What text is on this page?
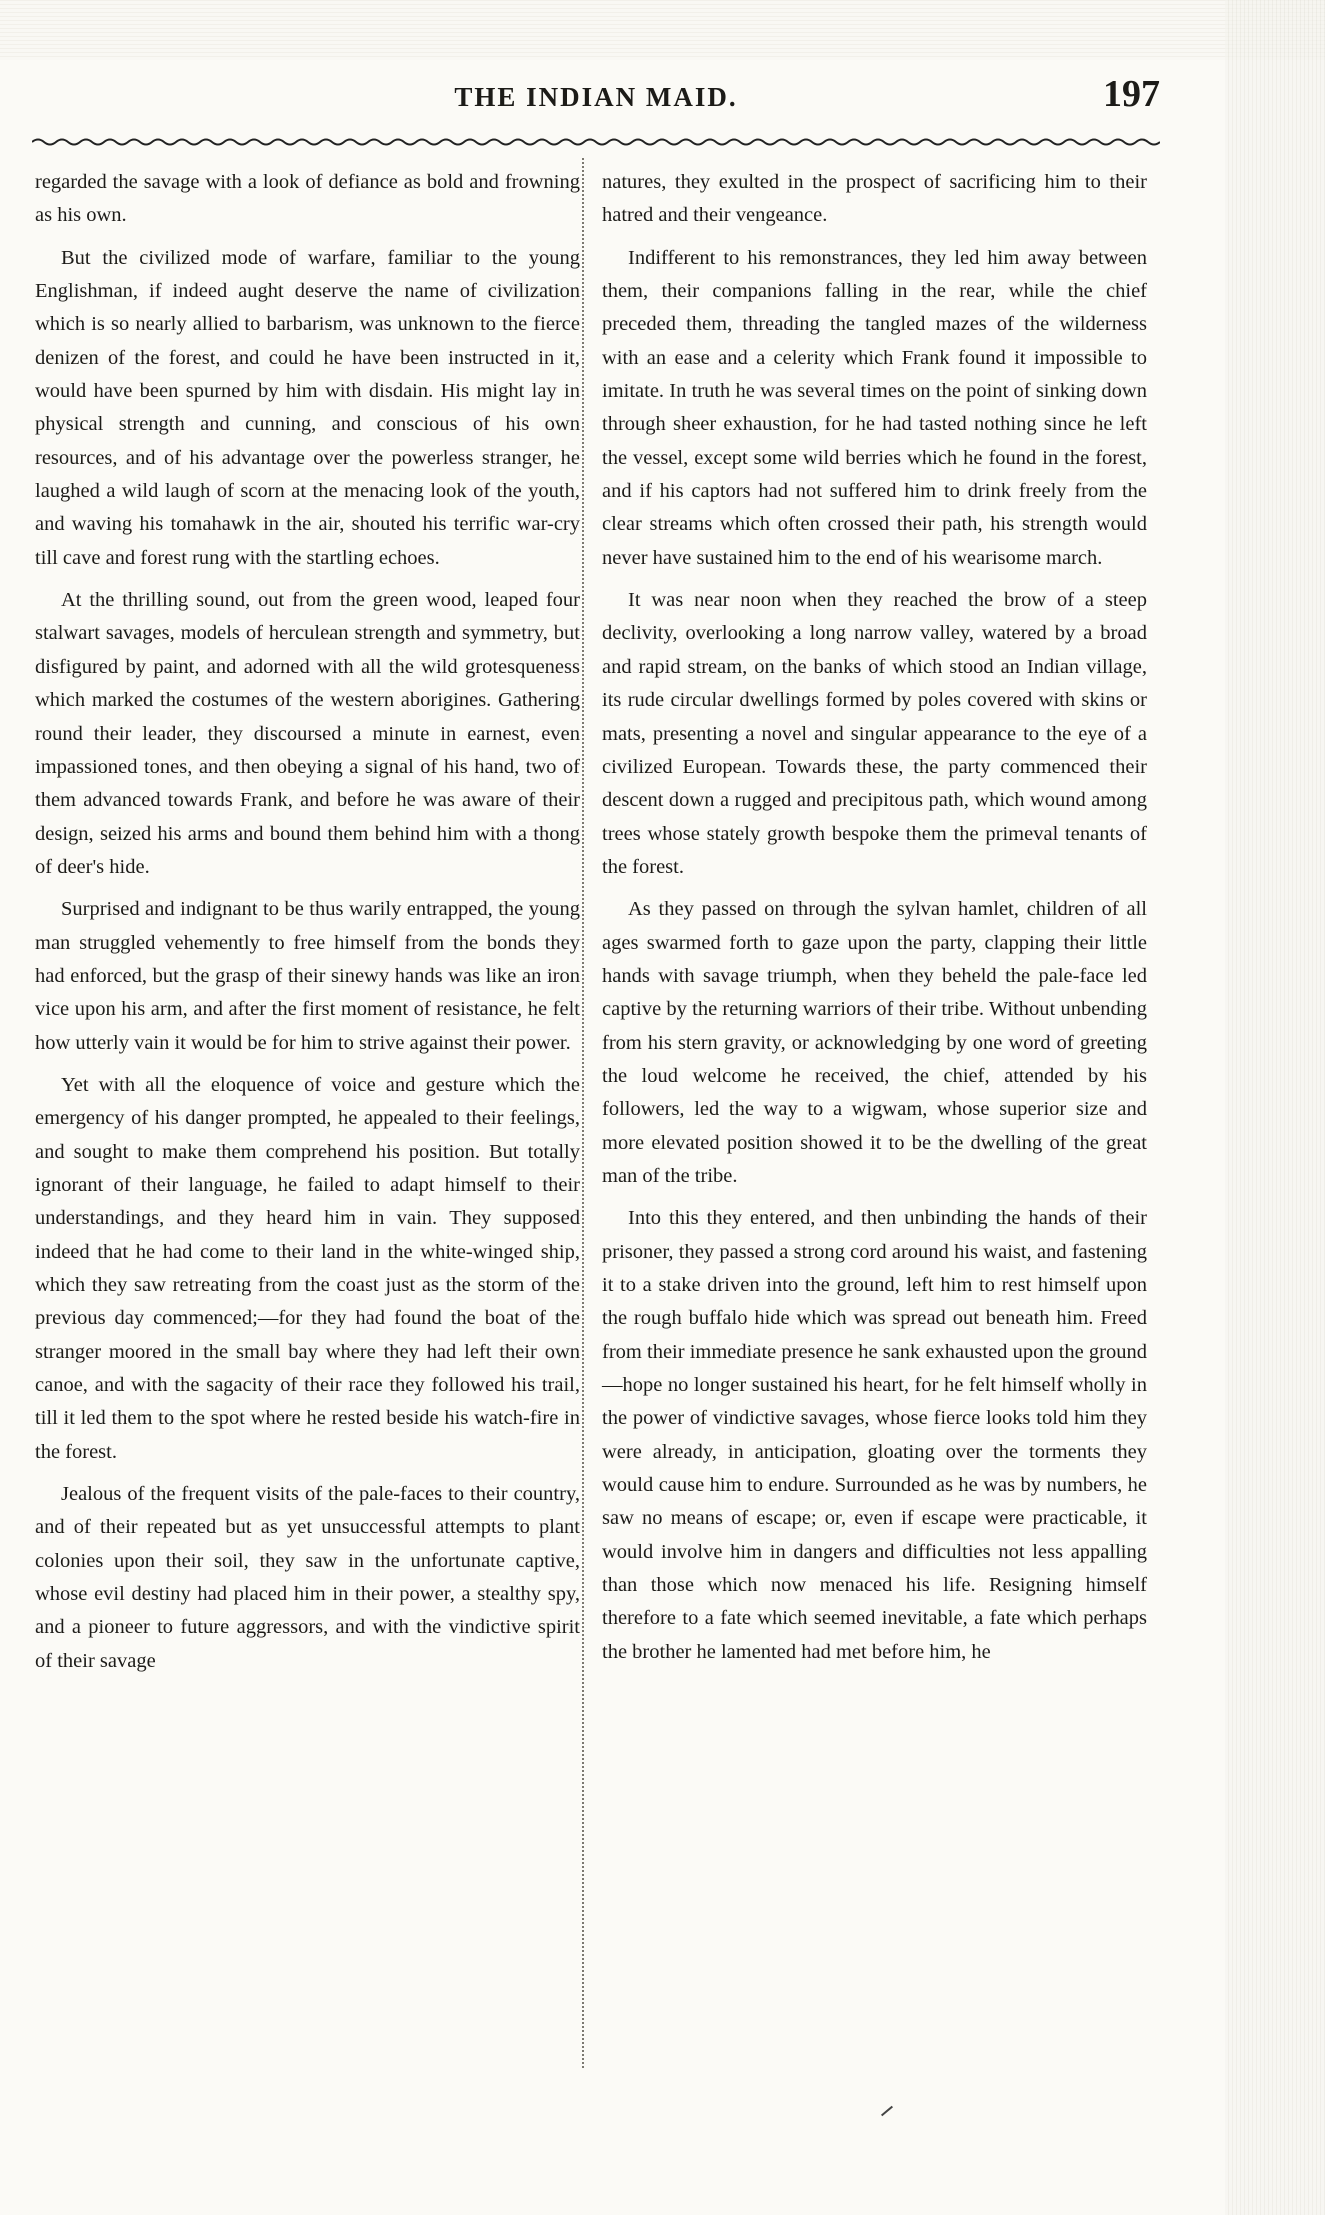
THE INDIAN MAID.	197

regarded the savage with a look of defiance as bold and frowning as his own.

But the civilized mode of warfare, familiar to the young Englishman, if indeed aught deserve the name of civilization which is so nearly allied to barbarism, was unknown to the fierce denizen of the forest, and could he have been instructed in it, would have been spurned by him with disdain. His might lay in physical strength and cunning, and conscious of his own resources, and of his advantage over the powerless stranger, he laughed a wild laugh of scorn at the menacing look of the youth, and waving his tomahawk in the air, shouted his terrific war-cry till cave and forest rung with the startling echoes.

At the thrilling sound, out from the green wood, leaped four stalwart savages, models of herculean strength and symmetry, but disfigured by paint, and adorned with all the wild grotesqueness which marked the costumes of the western aborigines. Gathering round their leader, they discoursed a minute in earnest, even impassioned tones, and then obeying a signal of his hand, two of them advanced towards Frank, and before he was aware of their design, seized his arms and bound them behind him with a thong of deer's hide.

Surprised and indignant to be thus warily entrapped, the young man struggled vehemently to free himself from the bonds they had enforced, but the grasp of their sinewy hands was like an iron vice upon his arm, and after the first moment of resistance, he felt how utterly vain it would be for him to strive against their power.

Yet with all the eloquence of voice and gesture which the emergency of his danger prompted, he appealed to their feelings, and sought to make them comprehend his position. But totally ignorant of their language, he failed to adapt himself to their understandings, and they heard him in vain. They supposed indeed that he had come to their land in the white-winged ship, which they saw retreating from the coast just as the storm of the previous day commenced;—for they had found the boat of the stranger moored in the small bay where they had left their own canoe, and with the sagacity of their race they followed his trail, till it led them to the spot where he rested beside his watch-fire in the forest.

Jealous of the frequent visits of the pale-faces to their country, and of their repeated but as yet unsuccessful attempts to plant colonies upon their soil, they saw in the unfortunate captive, whose evil destiny had placed him in their power, a stealthy spy, and a pioneer to future aggressors, and with the vindictive spirit of their savage

natures, they exulted in the prospect of sacrificing him to their hatred and their vengeance.

Indifferent to his remonstrances, they led him away between them, their companions falling in the rear, while the chief preceded them, threading the tangled mazes of the wilderness with an ease and a celerity which Frank found it impossible to imitate. In truth he was several times on the point of sinking down through sheer exhaustion, for he had tasted nothing since he left the vessel, except some wild berries which he found in the forest, and if his captors had not suffered him to drink freely from the clear streams which often crossed their path, his strength would never have sustained him to the end of his wearisome march.

It was near noon when they reached the brow of a steep declivity, overlooking a long narrow valley, watered by a broad and rapid stream, on the banks of which stood an Indian village, its rude circular dwellings formed by poles covered with skins or mats, presenting a novel and singular appearance to the eye of a civilized European. Towards these, the party commenced their descent down a rugged and precipitous path, which wound among trees whose stately growth bespoke them the primeval tenants of the forest.

As they passed on through the sylvan hamlet, children of all ages swarmed forth to gaze upon the party, clapping their little hands with savage triumph, when they beheld the pale-face led captive by the returning warriors of their tribe. Without unbending from his stern gravity, or acknowledging by one word of greeting the loud welcome he received, the chief, attended by his followers, led the way to a wigwam, whose superior size and more elevated position showed it to be the dwelling of the great man of the tribe.

Into this they entered, and then unbinding the hands of their prisoner, they passed a strong cord around his waist, and fastening it to a stake driven into the ground, left him to rest himself upon the rough buffalo hide which was spread out beneath him. Freed from their immediate presence he sank exhausted upon the ground—hope no longer sustained his heart, for he felt himself wholly in the power of vindictive savages, whose fierce looks told him they were already, in anticipation, gloating over the torments they would cause him to endure. Surrounded as he was by numbers, he saw no means of escape; or, even if escape were practicable, it would involve him in dangers and difficulties not less appalling than those which now menaced his life. Resigning himself therefore to a fate which seemed inevitable, a fate which perhaps the brother he lamented had met before him, he
